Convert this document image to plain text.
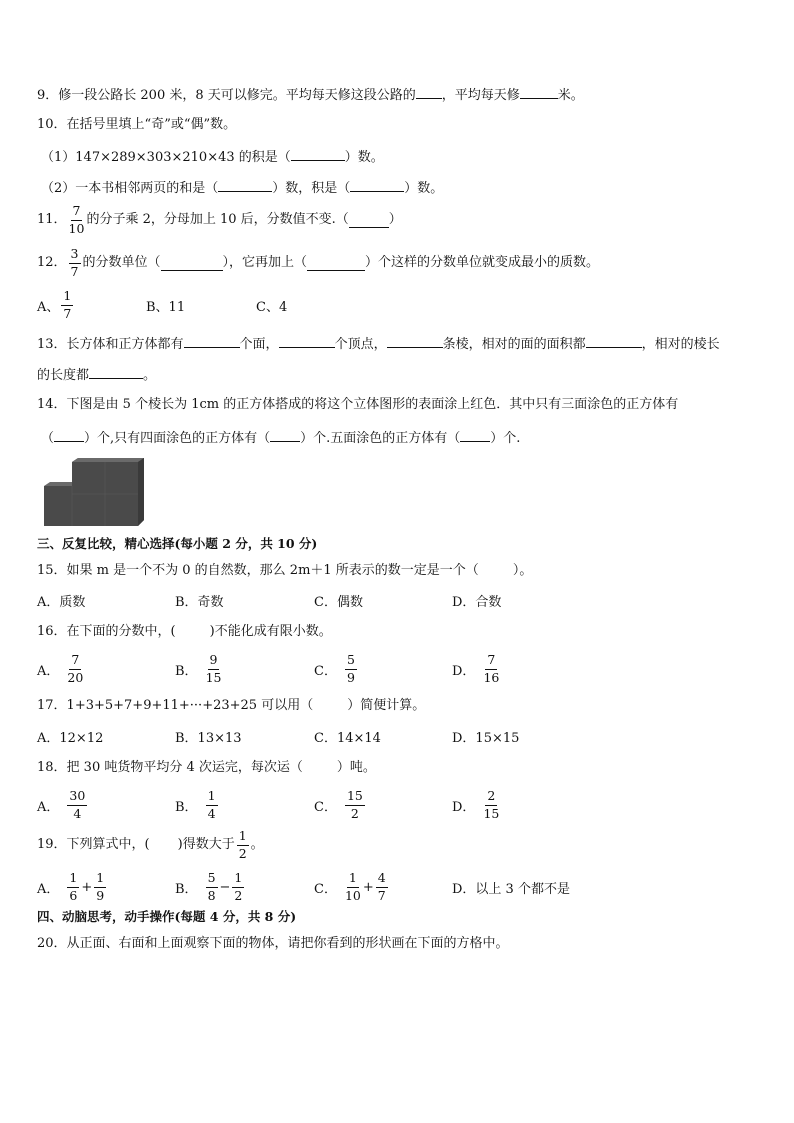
9．修一段公路长 200 米，8 天可以修完。平均每天修这段公路的 ，平均每天修	米。
10．在括号里填上“奇”或“偶”数。
（1）147×289×303×210×43 的积是（	）数。
（2）一本书相邻两页的和是（	）数，积是（	）数。
11． $\frac{7}{10}$ 的分子乘 2，分母加上 10 后，分数值不变.（	）
12． $\frac{3}{7}$ 的分数单位（	），它再加上（	）个这样的分数单位就变成最小的质数。
A、 $\frac{1}{7}$	B、11	C、4
13．长方体和正方体都有	个面，	个顶点，	条棱，相对的面的面积都	，相对的棱长
的长度都	。
14．下图是由 5 个棱长为 1cm 的正方体搭成的将这个立体图形的表面涂上红色．其中只有三面涂色的正方体有
（ ）个,只有四面涂色的正方体有（ ）个.五面涂色的正方体有（ ）个.
三、反复比较，精心选择(每小题 2 分，共 10 分)
15．如果 m 是一个不为 0 的自然数，那么 2m＋1 所表示的数一定是一个（	）。
A．质数	B．奇数	C．偶数	D．合数
16．在下面的分数中，(	)不能化成有限小数。
A． $\frac{7}{20}$	B． $\frac{9}{15}$	C． $\frac{5}{9}$	D． $\frac{7}{16}$
17．1+3+5+7+9+11+···+23+25 可以用（	）简便计算。
A．12×12	B．13×13	C．14×14	D．15×15
18．把 30 吨货物平均分 4 次运完，每次运（	）吨。
A． $\frac{30}{4}$	B． $\frac{1}{4}$	C． $\frac{15}{2}$	D． $\frac{2}{15}$
19．下列算式中，( )得数大于 $\frac{1}{2}$ 。
A． $\frac{1}{6} + \frac{1}{9}$	B． $\frac{5}{8} - \frac{1}{2}$	C． $\frac{1}{10} + \frac{4}{7}$	D．以上 3 个都不是
四、动脑思考，动手操作(每题 4 分，共 8 分)
20．从正面、右面和上面观察下面的物体，请把你看到的形状画在下面的方格中。
